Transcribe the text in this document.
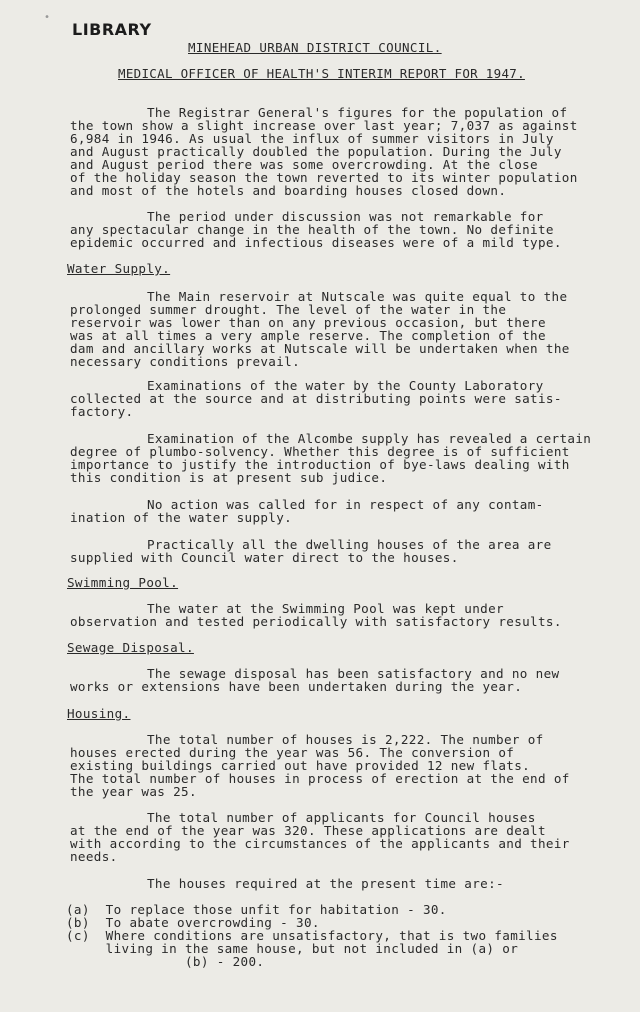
•
LIBRARY
MINEHEAD URBAN DISTRICT COUNCIL.
MEDICAL OFFICER OF HEALTH'S INTERIM REPORT FOR 1947.
The Registrar General's figures for the population of
the town show a slight increase over last year; 7,037 as against
6,984 in 1946. As usual the influx of summer visitors in July
and August practically doubled the population. During the July
and August period there was some overcrowding. At the close
of the holiday season the town reverted to its winter population
and most of the hotels and boarding houses closed down.
The period under discussion was not remarkable for
any spectacular change in the health of the town. No definite
epidemic occurred and infectious diseases were of a mild type.
Water Supply.
The Main reservoir at Nutscale was quite equal to the
prolonged summer drought. The level of the water in the
reservoir was lower than on any previous occasion, but there
was at all times a very ample reserve. The completion of the
dam and ancillary works at Nutscale will be undertaken when the
necessary conditions prevail.
Examinations of the water by the County Laboratory
collected at the source and at distributing points were satis-
factory.
Examination of the Alcombe supply has revealed a certain
degree of plumbo-solvency. Whether this degree is of sufficient
importance to justify the introduction of bye-laws dealing with
this condition is at present sub judice.
No action was called for in respect of any contam-
ination of the water supply.
Practically all the dwelling houses of the area are
supplied with Council water direct to the houses.
Swimming Pool.
The water at the Swimming Pool was kept under
observation and tested periodically with satisfactory results.
Sewage Disposal.
The sewage disposal has been satisfactory and no new
works or extensions have been undertaken during the year.
Housing.
The total number of houses is 2,222. The number of
houses erected during the year was 56. The conversion of
existing buildings carried out have provided 12 new flats.
The total number of houses in process of erection at the end of
the year was 25.
The total number of applicants for Council houses
at the end of the year was 320. These applications are dealt
with according to the circumstances of the applicants and their
needs.
The houses required at the present time are:-
(a)  To replace those unfit for habitation - 30.
(b)  To abate overcrowding - 30.
(c)  Where conditions are unsatisfactory, that is two families
living in the same house, but not included in (a) or
(b) - 200.
